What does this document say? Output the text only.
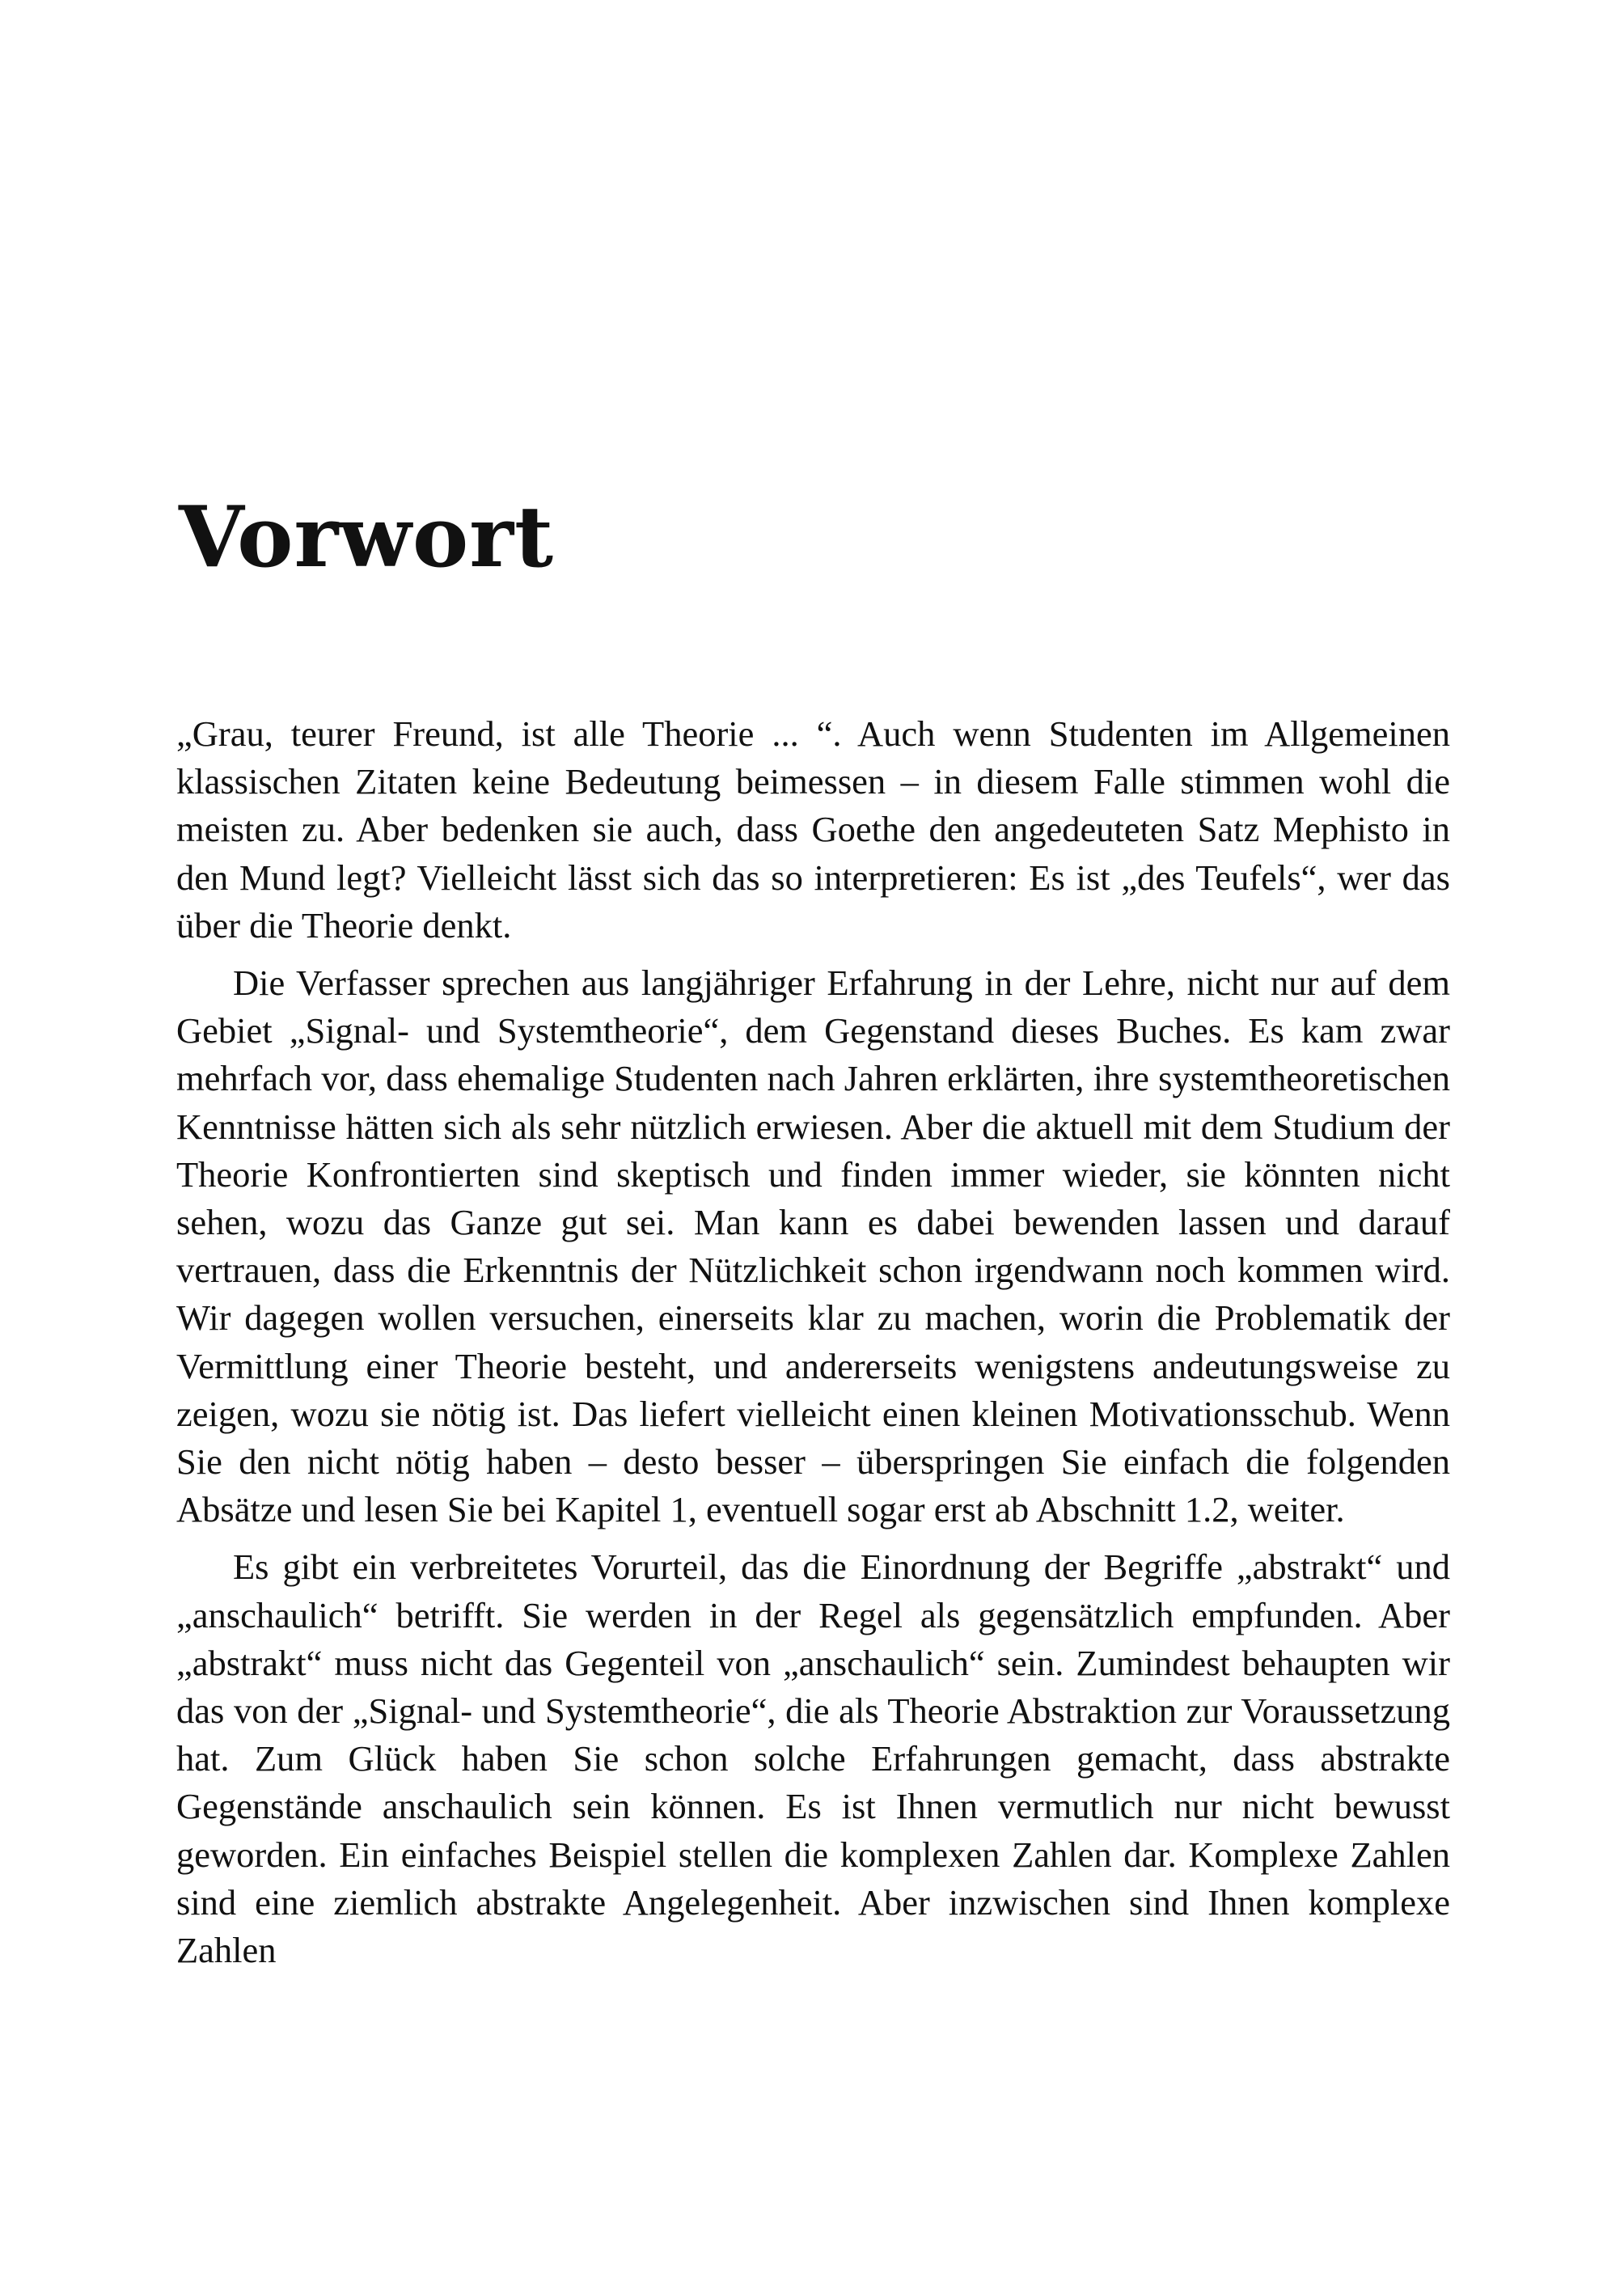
Vorwort

„Grau, teurer Freund, ist alle Theorie ... “. Auch wenn Studenten im Allgemeinen klassischen Zitaten keine Bedeutung beimessen – in diesem Falle stimmen wohl die meisten zu. Aber bedenken sie auch, dass Goethe den angedeuteten Satz Mephisto in den Mund legt? Vielleicht lässt sich das so interpretieren: Es ist „des Teufels“, wer das über die Theorie denkt.

Die Verfasser sprechen aus langjähriger Erfahrung in der Lehre, nicht nur auf dem Gebiet „Signal- und Systemtheorie“, dem Gegenstand dieses Buches. Es kam zwar mehrfach vor, dass ehemalige Studenten nach Jahren erklärten, ihre systemtheoretischen Kenntnisse hätten sich als sehr nützlich erwiesen. Aber die aktuell mit dem Studium der Theorie Konfrontierten sind skeptisch und finden immer wieder, sie könnten nicht sehen, wozu das Ganze gut sei. Man kann es dabei bewenden lassen und darauf vertrauen, dass die Erkenntnis der Nützlichkeit schon irgendwann noch kommen wird. Wir dagegen wollen versuchen, einerseits klar zu machen, worin die Problematik der Vermittlung einer Theorie besteht, und andererseits wenigstens andeutungsweise zu zeigen, wozu sie nötig ist. Das liefert vielleicht einen kleinen Motivationsschub. Wenn Sie den nicht nötig haben – desto besser – überspringen Sie einfach die folgenden Absätze und lesen Sie bei Kapitel 1, eventuell sogar erst ab Abschnitt 1.2, weiter.

Es gibt ein verbreitetes Vorurteil, das die Einordnung der Begriffe „abstrakt“ und „anschaulich“ betrifft. Sie werden in der Regel als gegensätzlich empfunden. Aber „abstrakt“ muss nicht das Gegenteil von „anschaulich“ sein. Zumindest behaupten wir das von der „Signal- und Systemtheorie“, die als Theorie Abstraktion zur Voraussetzung hat. Zum Glück haben Sie schon solche Erfahrungen gemacht, dass abstrakte Gegenstände anschaulich sein können. Es ist Ihnen vermutlich nur nicht bewusst geworden. Ein einfaches Beispiel stellen die komplexen Zahlen dar. Komplexe Zahlen sind eine ziemlich abstrakte Angelegenheit. Aber inzwischen sind Ihnen komplexe Zahlen
